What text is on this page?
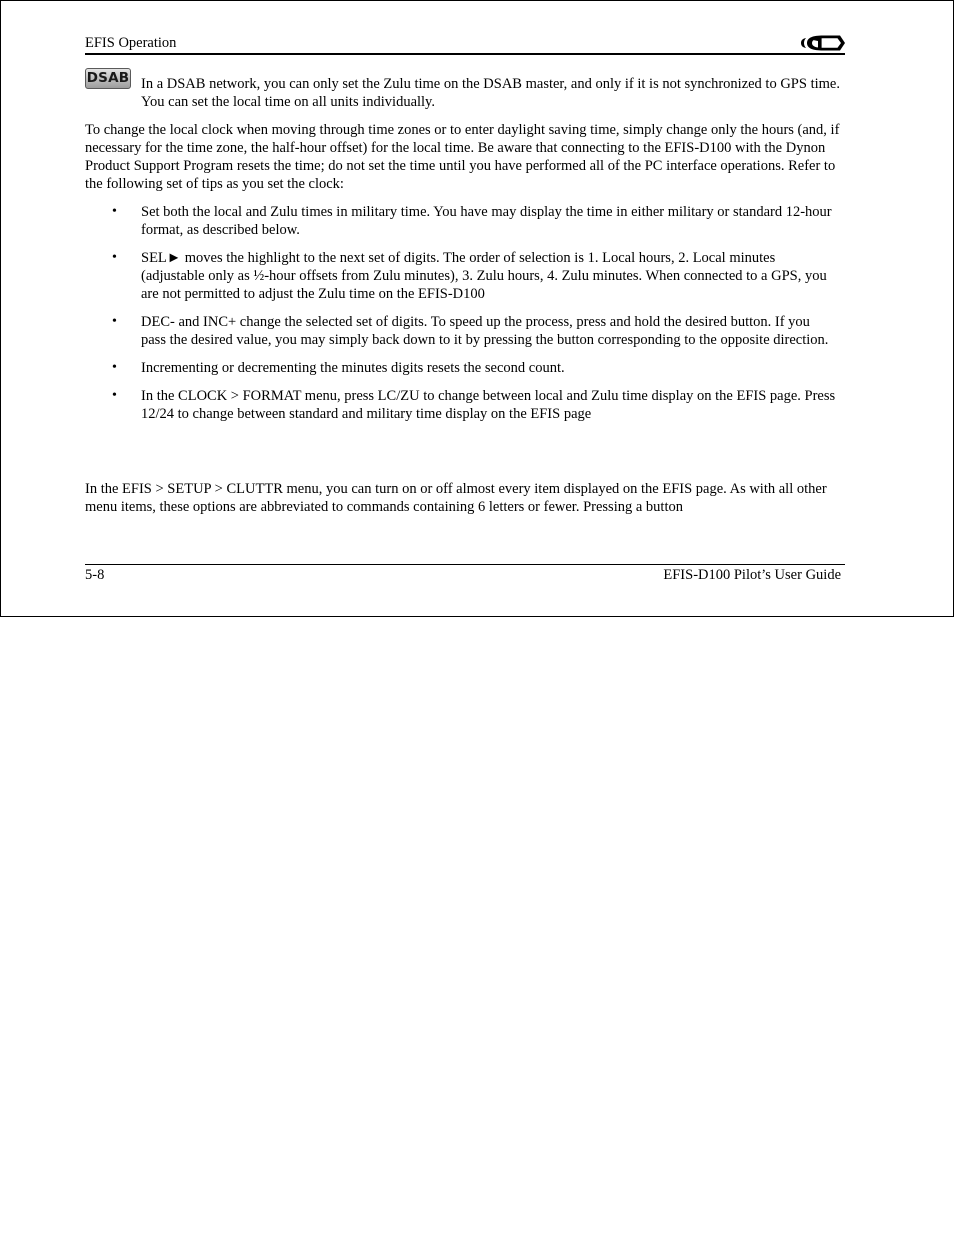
EFIS Operation
DSAB In a DSAB network, you can only set the Zulu time on the DSAB master, and only if it is not synchronized to GPS time. You can set the local time on all units individually.

To change the local clock when moving through time zones or to enter daylight saving time, simply change only the hours (and, if necessary for the time zone, the half-hour offset) for the local time. Be aware that connecting to the EFIS-D100 with the Dynon Product Support Program resets the time; do not set the time until you have performed all of the PC interface operations. Refer to the following set of tips as you set the clock:

• Set both the local and Zulu times in military time. You have may display the time in either military or standard 12-hour format, as described below.
• SEL► moves the highlight to the next set of digits. The order of selection is 1. Local hours, 2. Local minutes (adjustable only as ½-hour offsets from Zulu minutes), 3. Zulu hours, 4. Zulu minutes. When connected to a GPS, you are not permitted to adjust the Zulu time on the EFIS-D100
• DEC- and INC+ change the selected set of digits. To speed up the process, press and hold the desired button. If you pass the desired value, you may simply back down to it by pressing the button corresponding to the opposite direction.
• Incrementing or decrementing the minutes digits resets the second count.
• In the CLOCK > FORMAT menu, press LC/ZU to change between local and Zulu time display on the EFIS page. Press 12/24 to change between standard and military time display on the EFIS page

In the EFIS > SETUP > CLUTTR menu, you can turn on or off almost every item displayed on the EFIS page. As with all other menu items, these options are abbreviated to commands containing 6 letters or fewer. Pressing a button

5-8	EFIS-D100 Pilot’s User Guide
